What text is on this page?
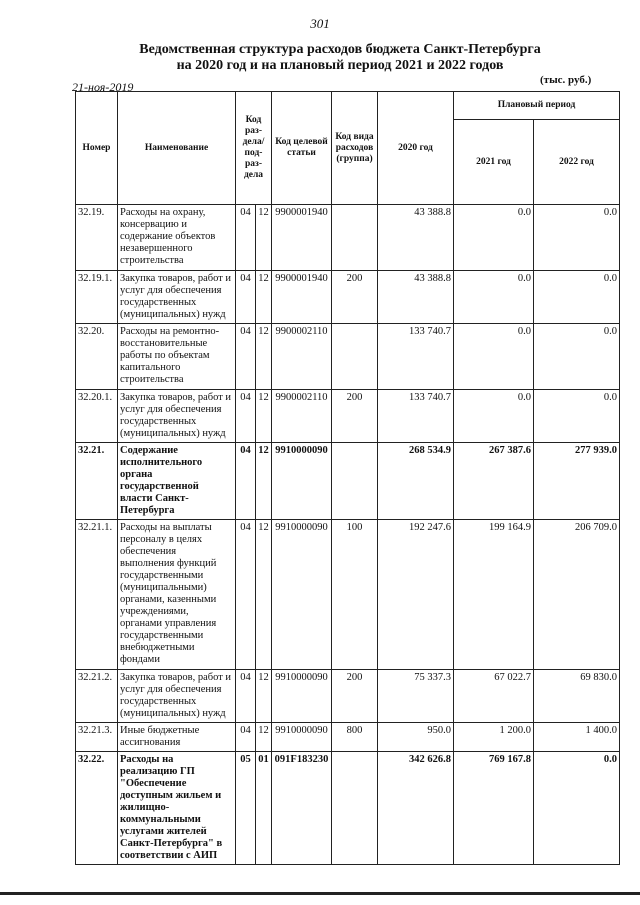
301
Ведомственная структура расходов бюджета Санкт-Петербурга
на 2020 год и на плановый период 2021 и 2022 годов
21-ноя-2019	(тыс. руб.)
Номер	Наименование	Код раз-дела/ под-раз-дела		Код целевой статьи	Код вида расходов (группа)	2020 год	Плановый период	
							2021 год	2022 год
32.19.	Расходы на охрану, консервацию и содержание объектов незавершенного строительства	04	12	9900001940		43 388.8	0.0	0.0
32.19.1.	Закупка товаров, работ и услуг для обеспечения государственных (муниципальных) нужд	04	12	9900001940	200	43 388.8	0.0	0.0
32.20.	Расходы на ремонтно-восстановительные работы по объектам капитального строительства	04	12	9900002110		133 740.7	0.0	0.0
32.20.1.	Закупка товаров, работ и услуг для обеспечения государственных (муниципальных) нужд	04	12	9900002110	200	133 740.7	0.0	0.0
32.21.	Содержание исполнительного органа государственной власти Санкт-Петербурга	04	12	9910000090		268 534.9	267 387.6	277 939.0
32.21.1.	Расходы на выплаты персоналу в целях обеспечения выполнения функций государственными (муниципальными) органами, казенными учреждениями, органами управления государственными внебюджетными фондами	04	12	9910000090	100	192 247.6	199 164.9	206 709.0
32.21.2.	Закупка товаров, работ и услуг для обеспечения государственных (муниципальных) нужд	04	12	9910000090	200	75 337.3	67 022.7	69 830.0
32.21.3.	Иные бюджетные ассигнования	04	12	9910000090	800	950.0	1 200.0	1 400.0
32.22.	Расходы на реализацию ГП "Обеспечение доступным жильем и жилищно-коммунальными услугами жителей Санкт-Петербурга" в соответствии с АИП	05	01	091F183230		342 626.8	769 167.8	0.0
